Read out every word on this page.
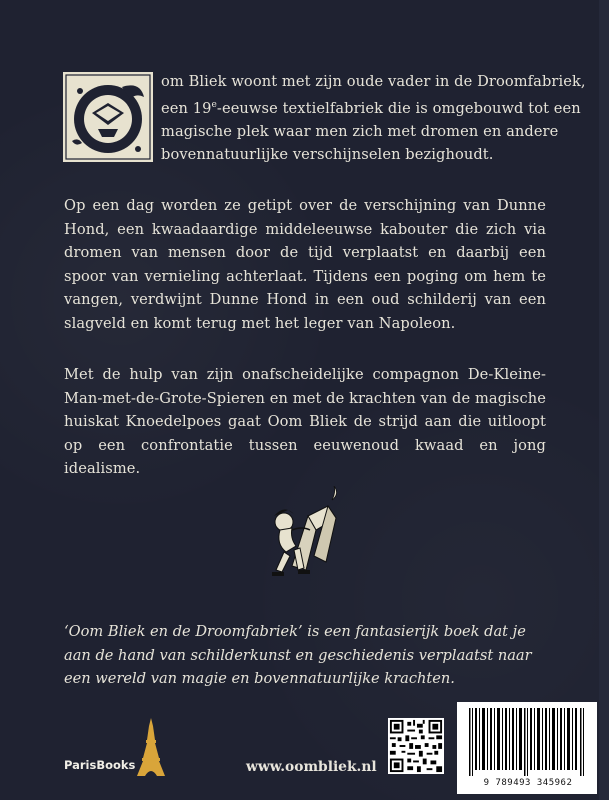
om Bliek woont met zijn oude vader in de Droomfabriek,
een 19e-eeuwse textielfabriek die is omgebouwd tot een
magische plek waar men zich met dromen en andere
bovennatuurlijke verschijnselen bezighoudt.

Op een dag worden ze getipt over de verschijning van Dunne Hond, een kwaadaardige middeleeuwse kabouter die zich via dromen van mensen door de tijd verplaatst en daarbij een spoor van vernieling achterlaat. Tijdens een poging om hem te vangen, verdwijnt Dunne Hond in een oud schilderij van een slagveld en komt terug met het leger van Napoleon.

Met de hulp van zijn onafscheidelijke compagnon De-Kleine-Man-met-de-Grote-Spieren en met de krachten van de magische huiskat Knoedelpoes gaat Oom Bliek de strijd aan die uitloopt op een confrontatie tussen eeuwenoud kwaad en jong idealisme.

‘Oom Bliek en de Droomfabriek’ is een fantasierijk boek dat je aan de hand van schilderkunst en geschiedenis verplaatst naar een wereld van magie en bovennatuurlijke krachten.

ParisBooks	www.oombliek.nl
9 789493 345962
